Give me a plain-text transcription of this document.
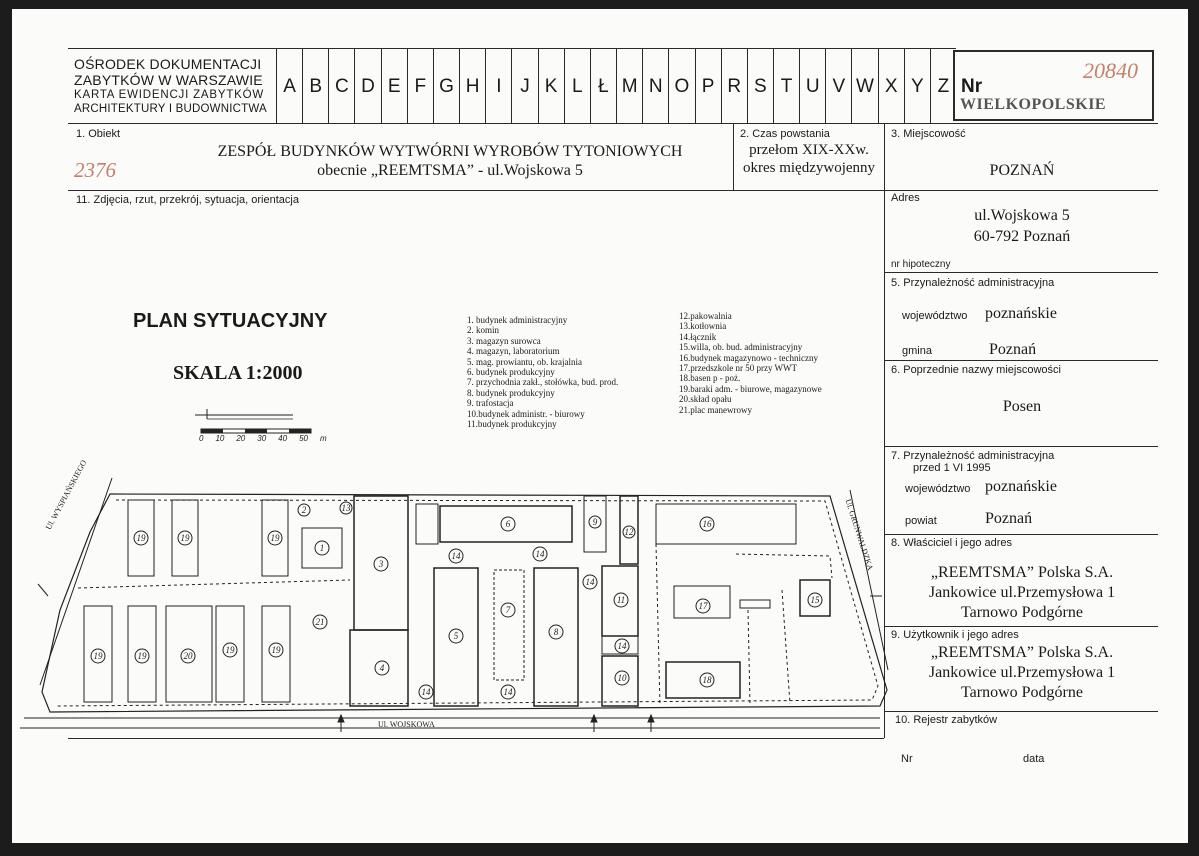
OŚRODEK DOKUMENTACJI
ZABYTKÓW W WARSZAWIE
KARTA EWIDENCJI ZABYTKÓW
ARCHITEKTURY I BUDOWNICTWA
A B C D E F G H I J K L Ł M N O P R S T U V W X Y Z Nr
20840
WIELKOPOLSKIE
1. Obiekt
ZESPÓŁ BUDYNKÓW WYTWÓRNI WYROBÓW TYTONIOWYCH
obecnie „REEMTSMA” - ul.Wojskowa 5
2376
2. Czas powstania
przełom XIX-XXw.
okres międzywojenny
3. Miejscowość
POZNAŃ
11. Zdjęcia, rzut, przekrój, sytuacja, orientacja
PLAN SYTUACYJNY
SKALA 1:2000
0 10 20 30 40 50 m
1. budynek administracyjny
2. komin
3. magazyn surowca
4. magazyn, laboratorium
5. mag. prowiantu, ob. krajalnia
6. budynek produkcyjny
7. przychodnia zakł., stołówka, bud. prod.
8. budynek produkcyjny
9. trafostacja
10.budynek administr. - biurowy
11.budynek produkcyjny
12.pakowalnia
13.kotłownia
14.łącznik
15.willa, ob. bud. administracyjny
16.budynek magazynowo - techniczny
17.przedszkole nr 50 przy WWT
18.basen p - poż.
19.baraki adm. - biurowe, magazynowe
20.skład opału
21.plac manewrowy
19	19	19
19	19	20
19	19
21
1
2	13
3
4
5
6
7
8
9
10
11
12
14	14
14
14
14	14
15
16
17
18
Ul. WOJSKOWA
Ul. WYSPIAŃSKIEGO
Ul. GRUNWALDZKA
Adres
ul.Wojskowa 5
60-792 Poznań
nr hipoteczny
5. Przynależność administracyjna
województwo poznańskie
gmina	Poznań
6. Poprzednie nazwy miejscowości
Posen
7. Przynależność administracyjna
przed 1 VI 1995
województwo poznańskie
powiat	Poznań
8. Właściciel i jego adres
„REEMTSMA” Polska S.A.
Jankowice ul.Przemysłowa 1
Tarnowo Podgórne
9. Użytkownik i jego adres
„REEMTSMA” Polska S.A.
Jankowice ul.Przemysłowa 1
Tarnowo Podgórne
10. Rejestr zabytków
Nr	data
